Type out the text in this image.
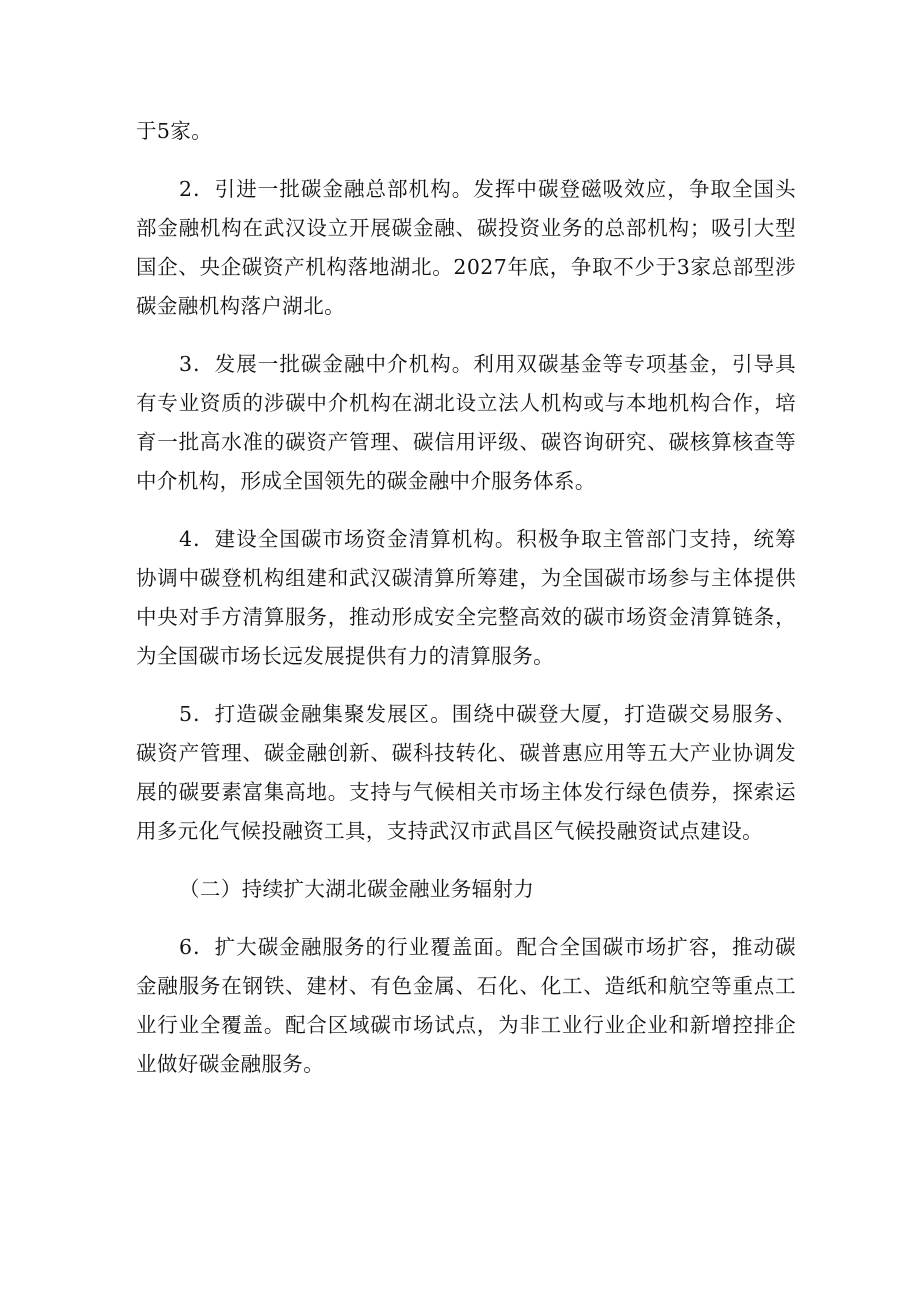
于5家。

2．引进一批碳金融总部机构。发挥中碳登磁吸效应，争取全国头部金融机构在武汉设立开展碳金融、碳投资业务的总部机构；吸引大型国企、央企碳资产机构落地湖北。2027年底，争取不少于3家总部型涉碳金融机构落户湖北。

3．发展一批碳金融中介机构。利用双碳基金等专项基金，引导具有专业资质的涉碳中介机构在湖北设立法人机构或与本地机构合作，培育一批高水准的碳资产管理、碳信用评级、碳咨询研究、碳核算核查等中介机构，形成全国领先的碳金融中介服务体系。

4．建设全国碳市场资金清算机构。积极争取主管部门支持，统筹协调中碳登机构组建和武汉碳清算所筹建，为全国碳市场参与主体提供中央对手方清算服务，推动形成安全完整高效的碳市场资金清算链条，为全国碳市场长远发展提供有力的清算服务。

5．打造碳金融集聚发展区。围绕中碳登大厦，打造碳交易服务、碳资产管理、碳金融创新、碳科技转化、碳普惠应用等五大产业协调发展的碳要素富集高地。支持与气候相关市场主体发行绿色债券，探索运用多元化气候投融资工具，支持武汉市武昌区气候投融资试点建设。

（二）持续扩大湖北碳金融业务辐射力

6．扩大碳金融服务的行业覆盖面。配合全国碳市场扩容，推动碳金融服务在钢铁、建材、有色金属、石化、化工、造纸和航空等重点工业行业全覆盖。配合区域碳市场试点，为非工业行业企业和新增控排企业做好碳金融服务。
